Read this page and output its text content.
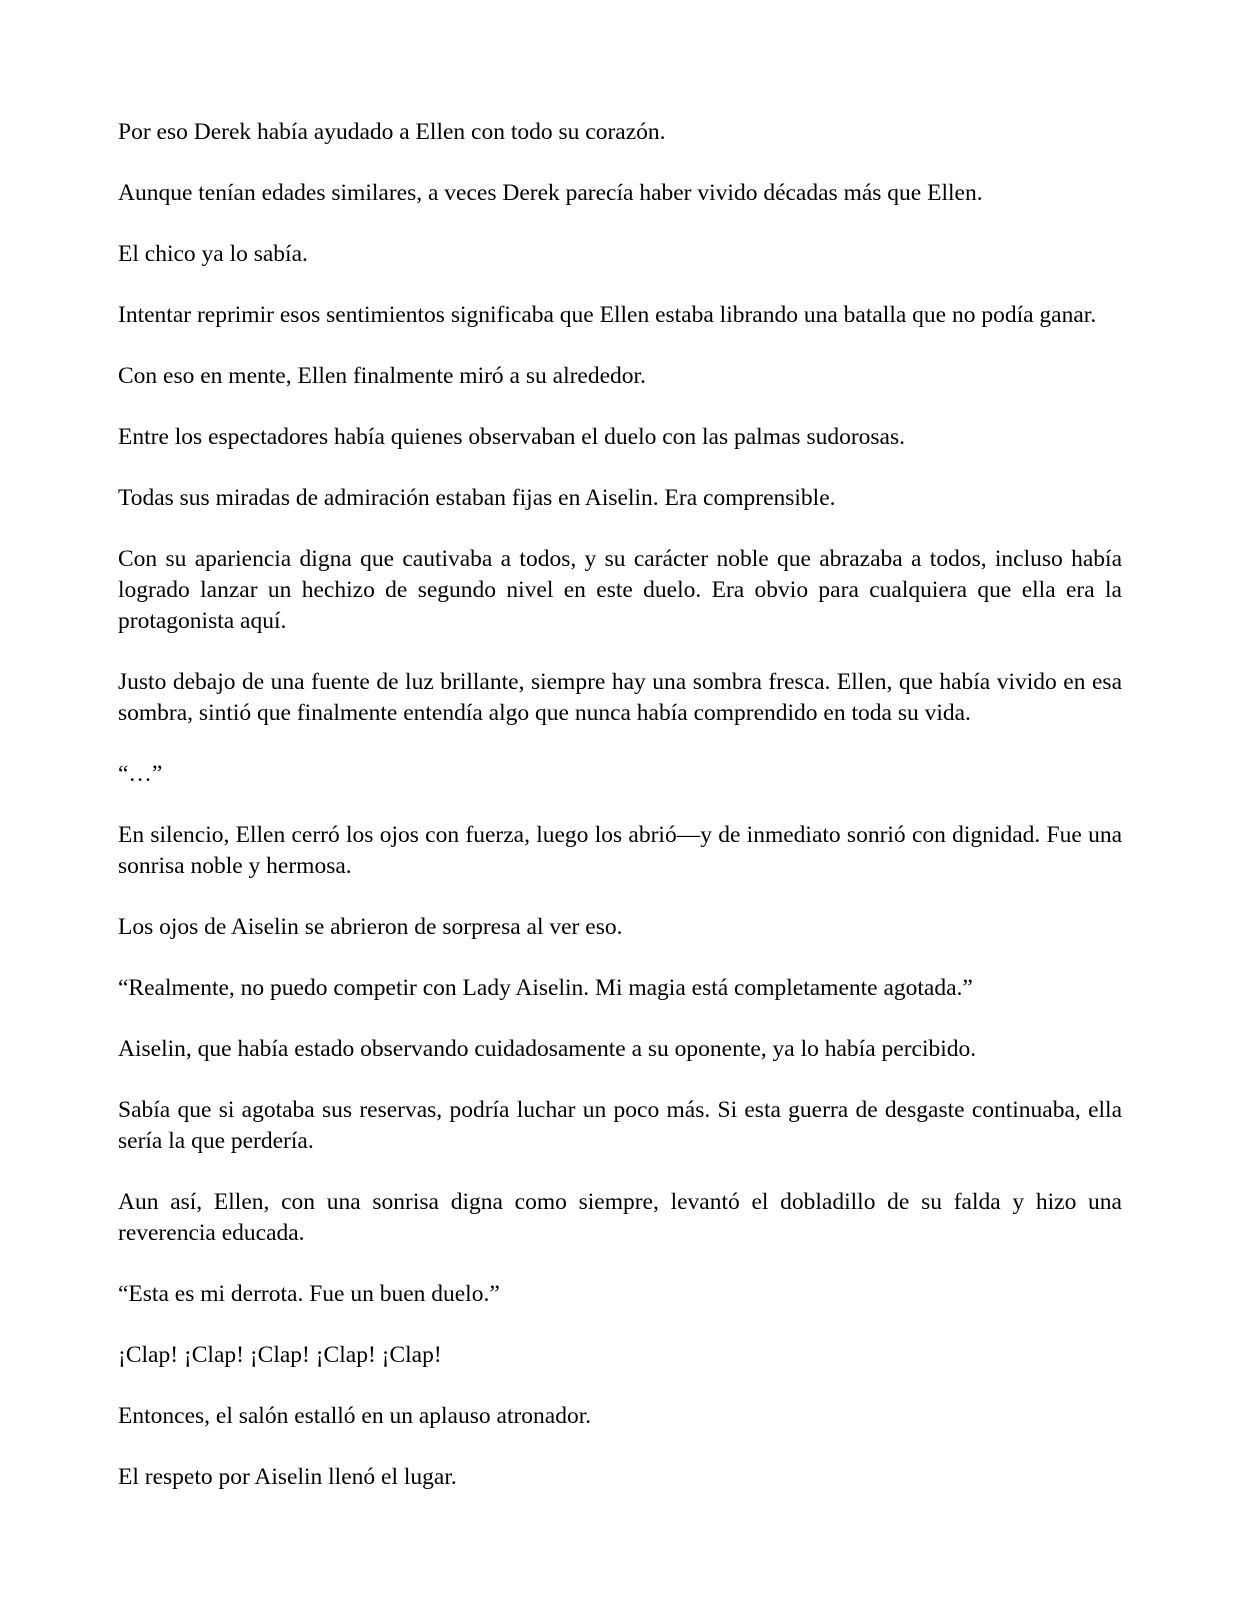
Por eso Derek había ayudado a Ellen con todo su corazón.

Aunque tenían edades similares, a veces Derek parecía haber vivido décadas más que Ellen.

El chico ya lo sabía.

Intentar reprimir esos sentimientos significaba que Ellen estaba librando una batalla que no podía ganar.

Con eso en mente, Ellen finalmente miró a su alrededor.

Entre los espectadores había quienes observaban el duelo con las palmas sudorosas.

Todas sus miradas de admiración estaban fijas en Aiselin. Era comprensible.

Con su apariencia digna que cautivaba a todos, y su carácter noble que abrazaba a todos, incluso había logrado lanzar un hechizo de segundo nivel en este duelo. Era obvio para cualquiera que ella era la protagonista aquí.

Justo debajo de una fuente de luz brillante, siempre hay una sombra fresca. Ellen, que había vivido en esa sombra, sintió que finalmente entendía algo que nunca había comprendido en toda su vida.

“…”

En silencio, Ellen cerró los ojos con fuerza, luego los abrió—y de inmediato sonrió con dignidad. Fue una sonrisa noble y hermosa.

Los ojos de Aiselin se abrieron de sorpresa al ver eso.

“Realmente, no puedo competir con Lady Aiselin. Mi magia está completamente agotada.”

Aiselin, que había estado observando cuidadosamente a su oponente, ya lo había percibido.

Sabía que si agotaba sus reservas, podría luchar un poco más. Si esta guerra de desgaste continuaba, ella sería la que perdería.

Aun así, Ellen, con una sonrisa digna como siempre, levantó el dobladillo de su falda y hizo una reverencia educada.

“Esta es mi derrota. Fue un buen duelo.”

¡Clap! ¡Clap! ¡Clap! ¡Clap! ¡Clap!

Entonces, el salón estalló en un aplauso atronador.

El respeto por Aiselin llenó el lugar.
